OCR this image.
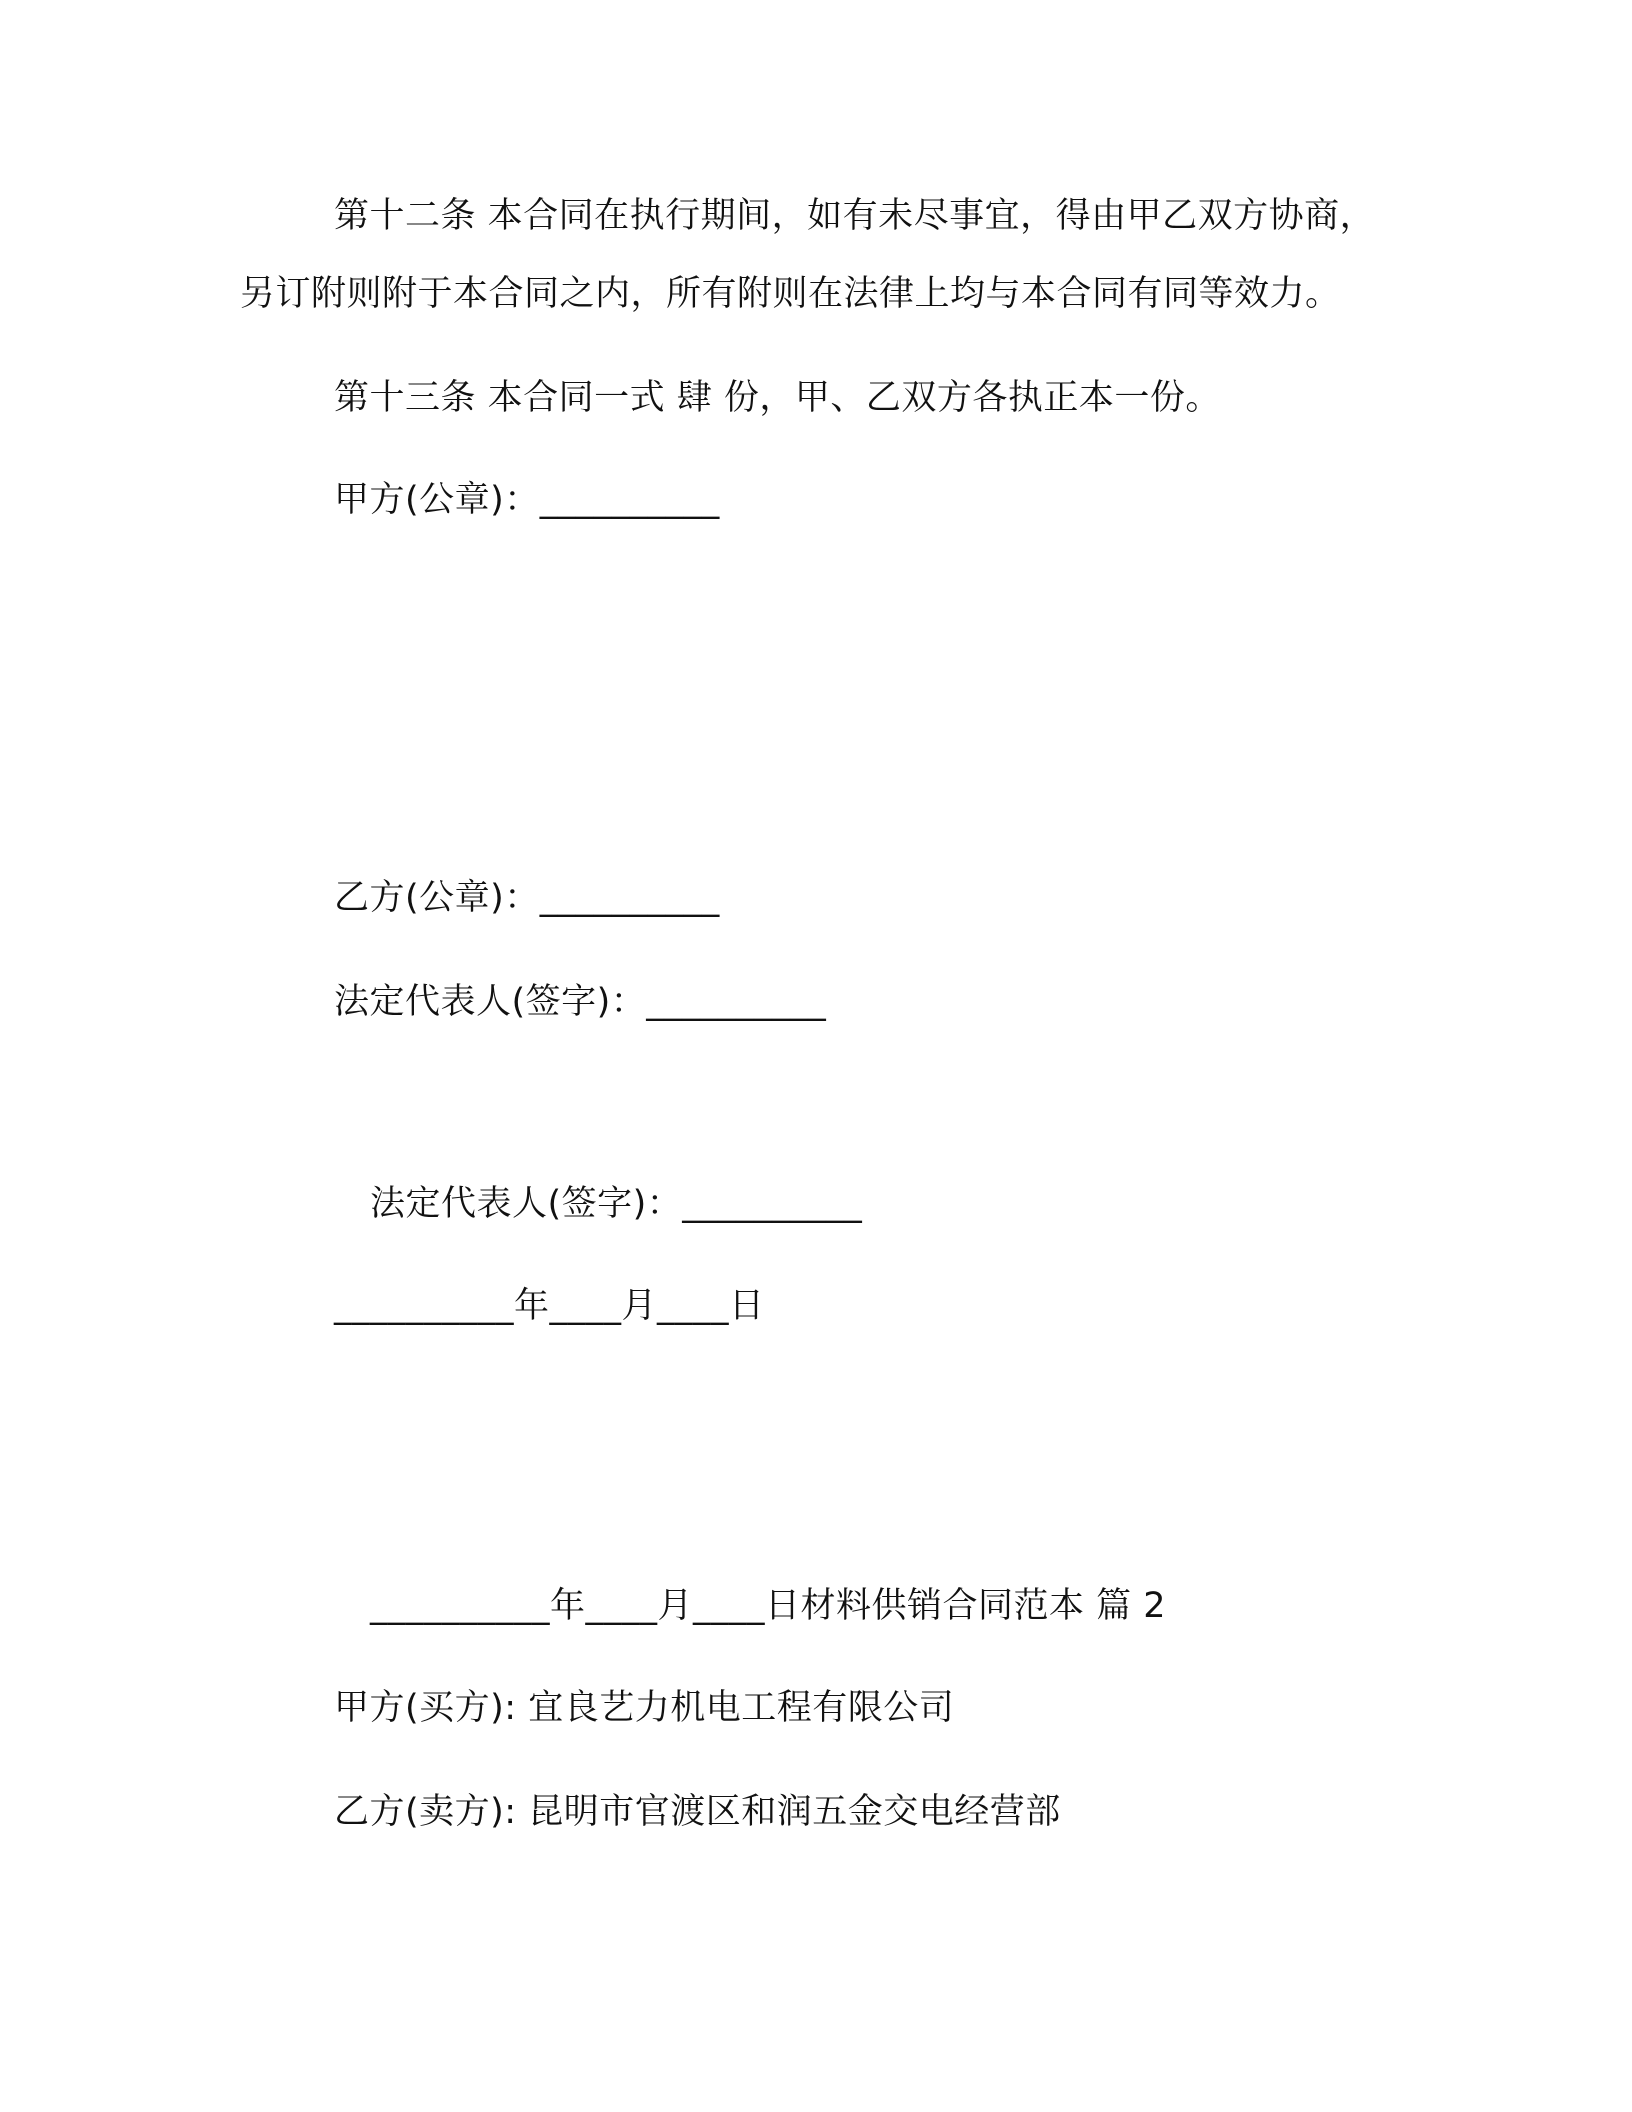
第十二条 本合同在执行期间，如有未尽事宜，得由甲乙双方协商，
另订附则附于本合同之内，所有附则在法律上均与本合同有同等效力。
第十三条 本合同一式 肆 份，甲、乙双方各执正本一份。
甲方(公章)：__________
乙方(公章)：__________
法定代表人(签字)：__________
法定代表人(签字)：__________
__________年____月____日
__________年____月____日材料供销合同范本 篇 2
甲方(买方): 宜良艺力机电工程有限公司
乙方(卖方): 昆明市官渡区和润五金交电经营部
